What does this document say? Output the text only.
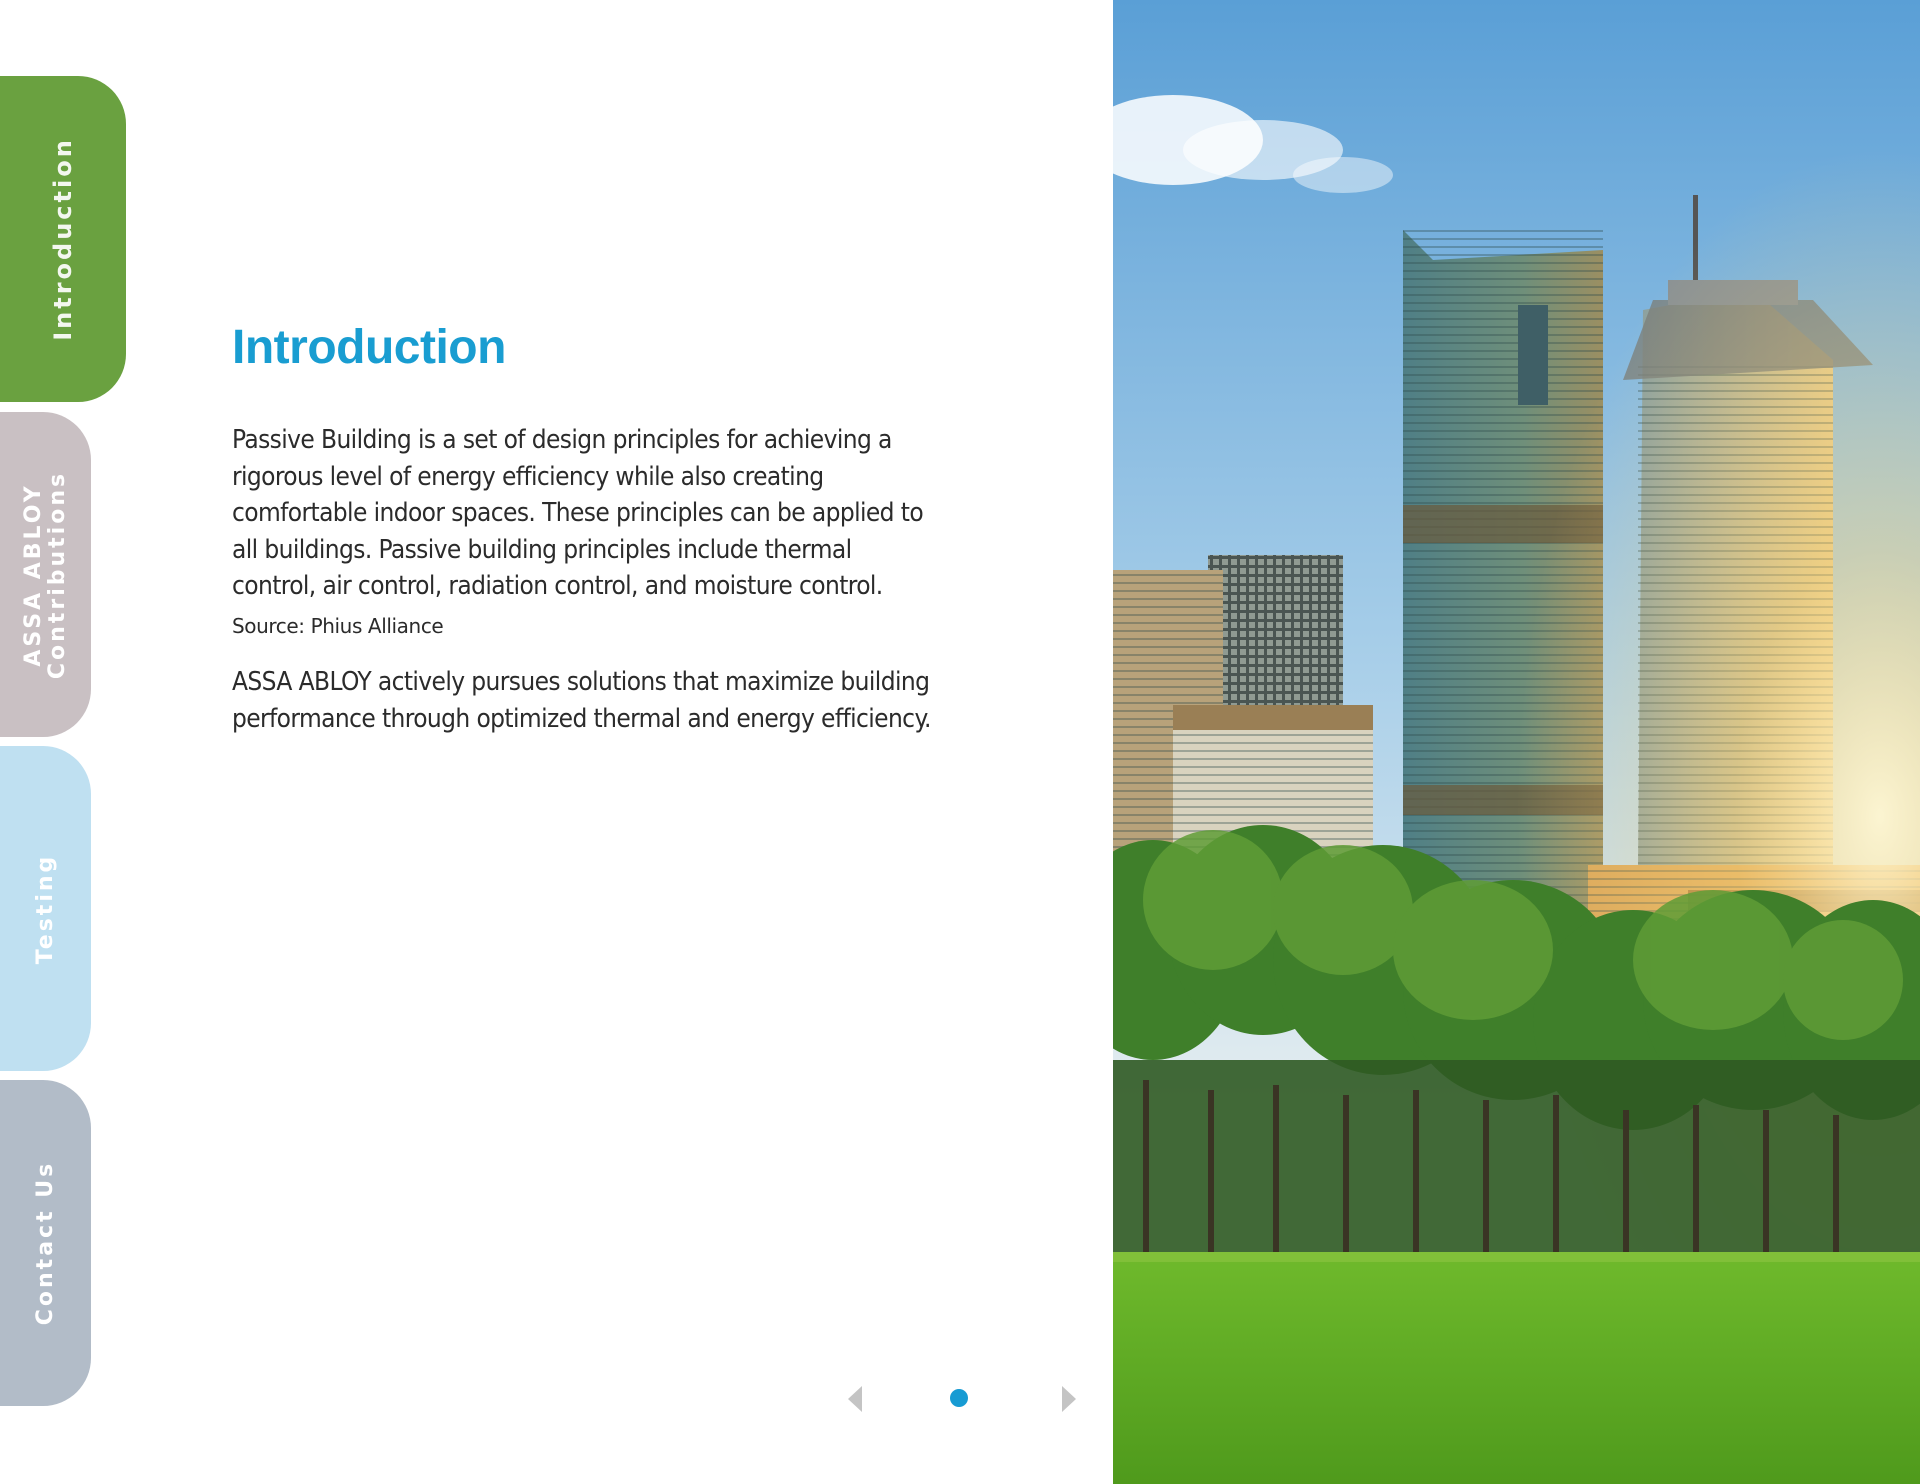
Introduction
ASSA ABLOY Contributions
Testing
Contact Us
Introduction

Passive Building is a set of design principles for achieving a rigorous level of energy efficiency while also creating comfortable indoor spaces. These principles can be applied to all buildings. Passive building principles include thermal control, air control, radiation control, and moisture control.

Source: Phius Alliance

ASSA ABLOY actively pursues solutions that maximize building performance through optimized thermal and energy efficiency.
